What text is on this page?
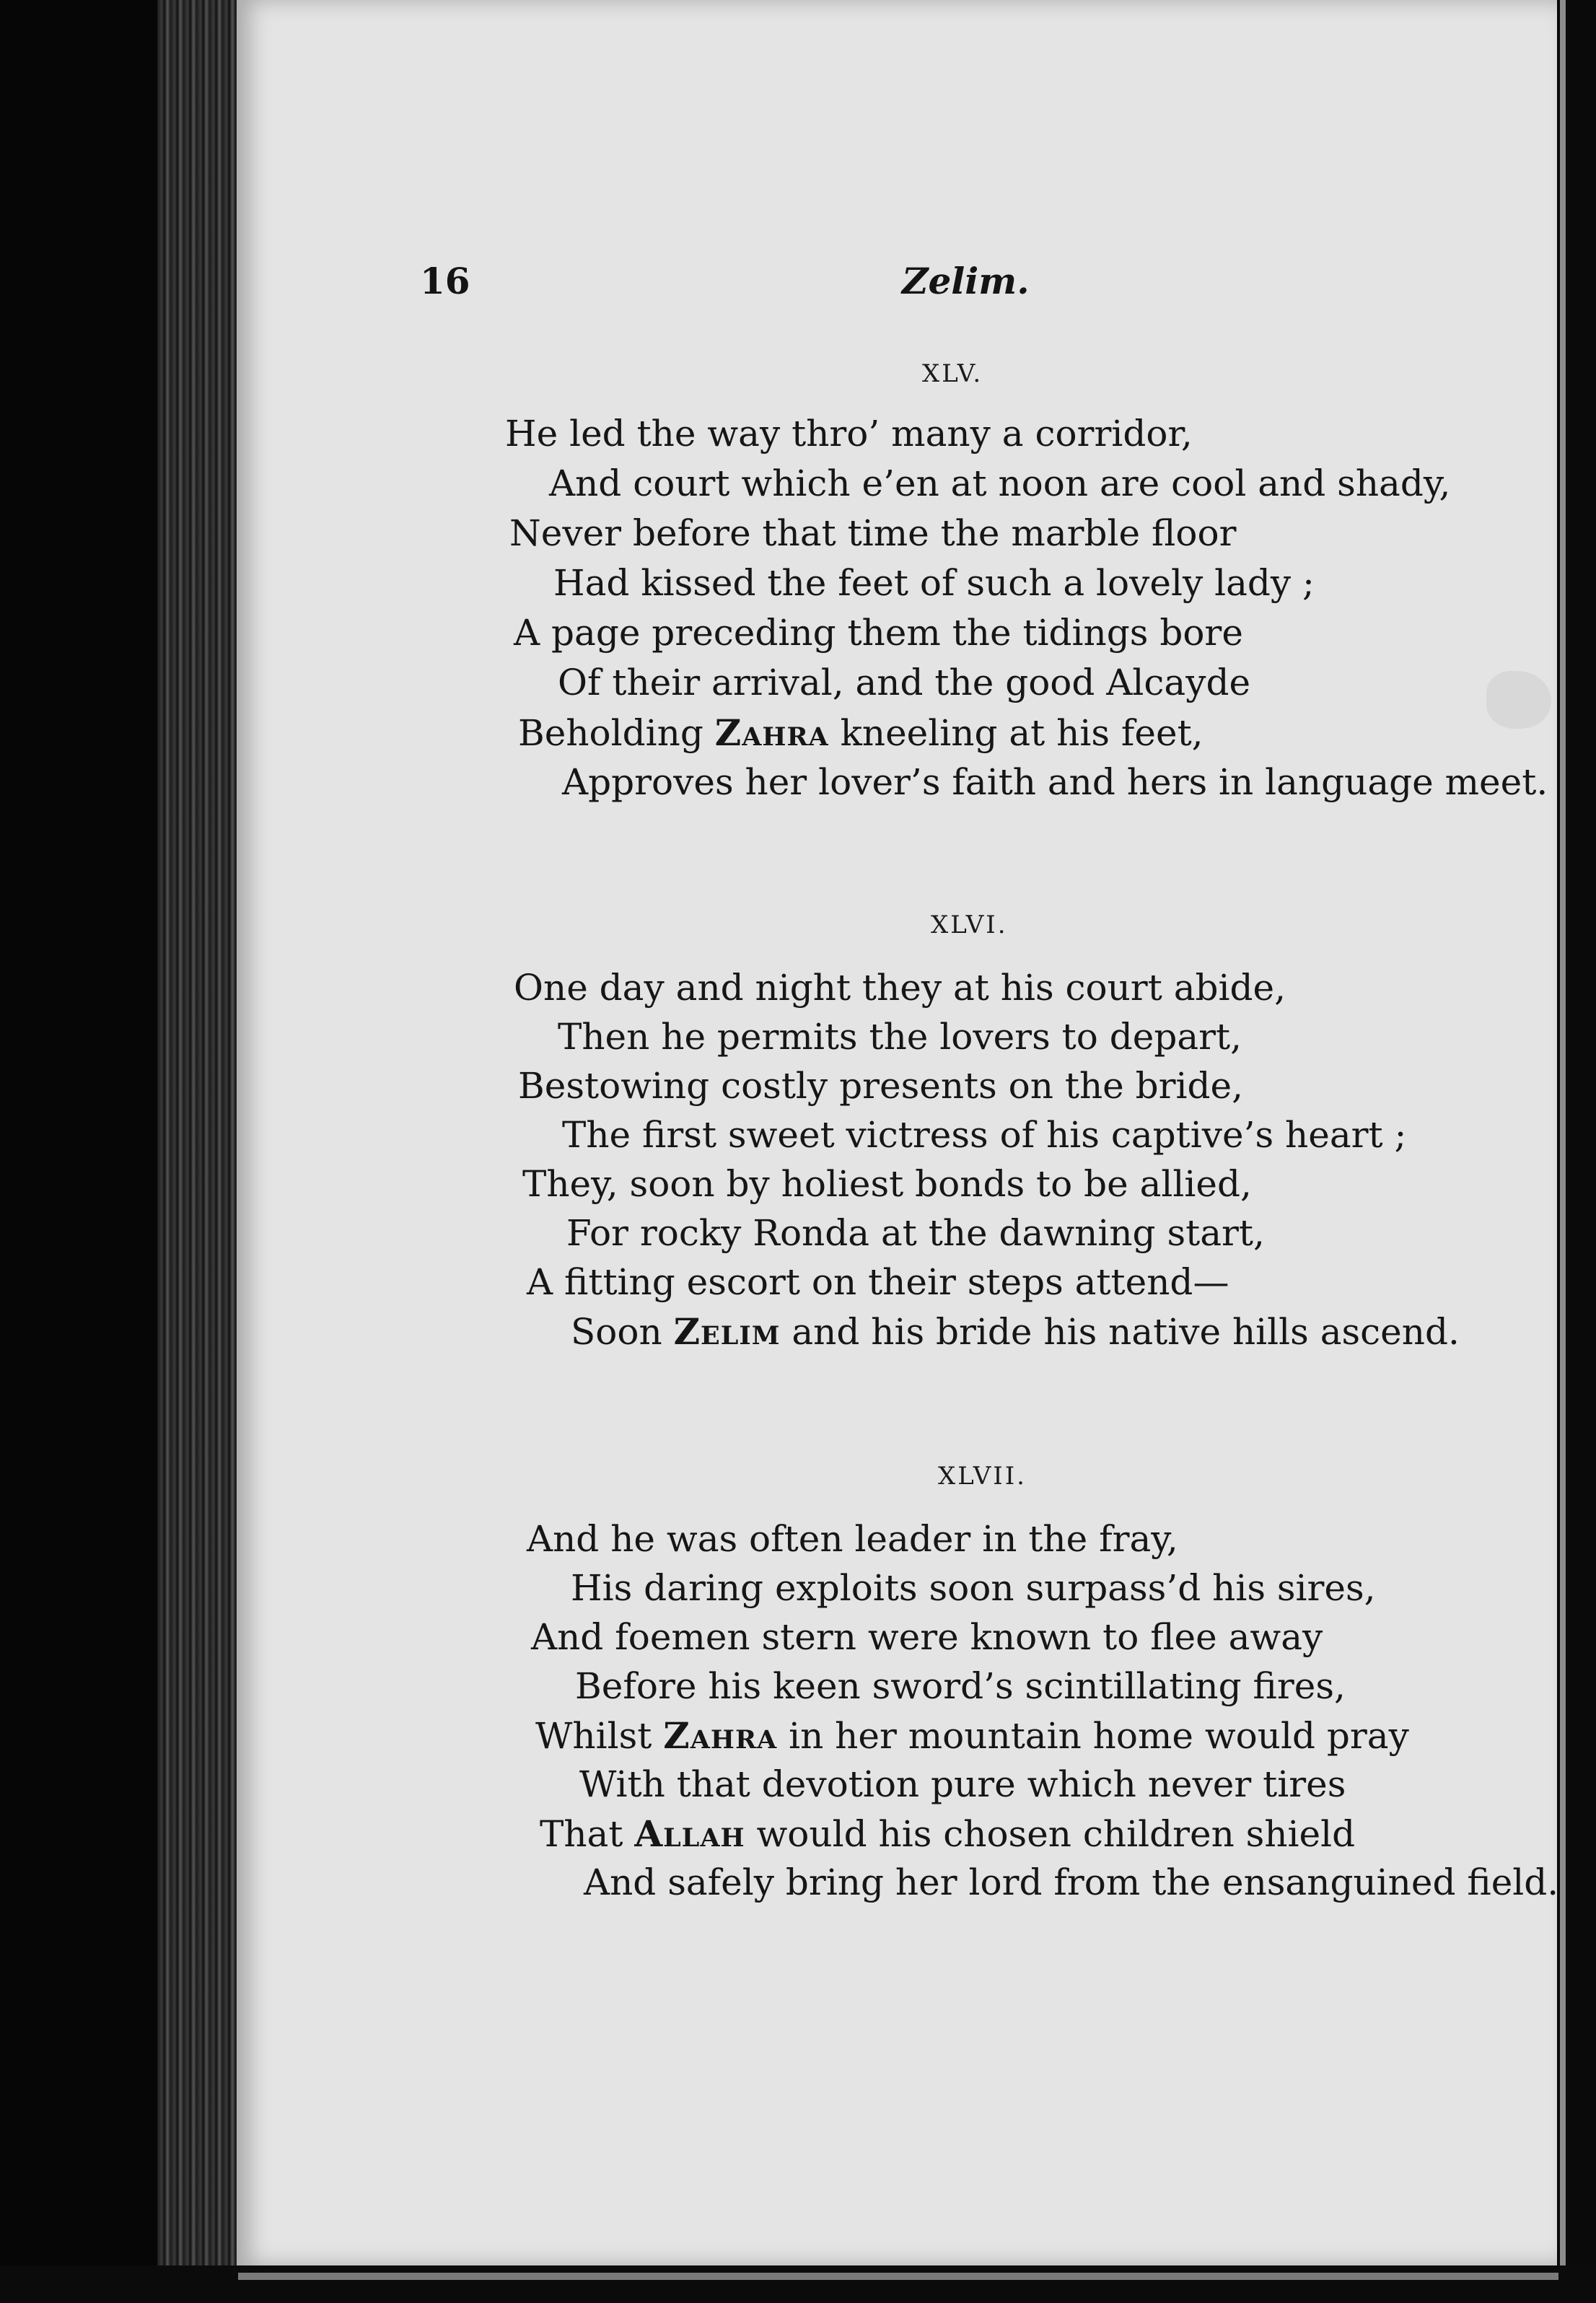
16	Zelim.
XLV.
He led the way thro’ many a corridor,
And court which e’en at noon are cool and shady,
Never before that time the marble floor
Had kissed the feet of such a lovely lady ;
A page preceding them the tidings bore
Of their arrival, and the good Alcayde
Beholding Zahra kneeling at his feet,
Approves her lover’s faith and hers in language meet.
XLVI.
One day and night they at his court abide,
Then he permits the lovers to depart,
Bestowing costly presents on the bride,
The first sweet victress of his captive’s heart ;
They, soon by holiest bonds to be allied,
For rocky Ronda at the dawning start,
A fitting escort on their steps attend—
Soon Zelim and his bride his native hills ascend.
XLVII.
And he was often leader in the fray,
His daring exploits soon surpass’d his sires,
And foemen stern were known to flee away
Before his keen sword’s scintillating fires,
Whilst Zahra in her mountain home would pray
With that devotion pure which never tires
That Allah would his chosen children shield
And safely bring her lord from the ensanguined field.
